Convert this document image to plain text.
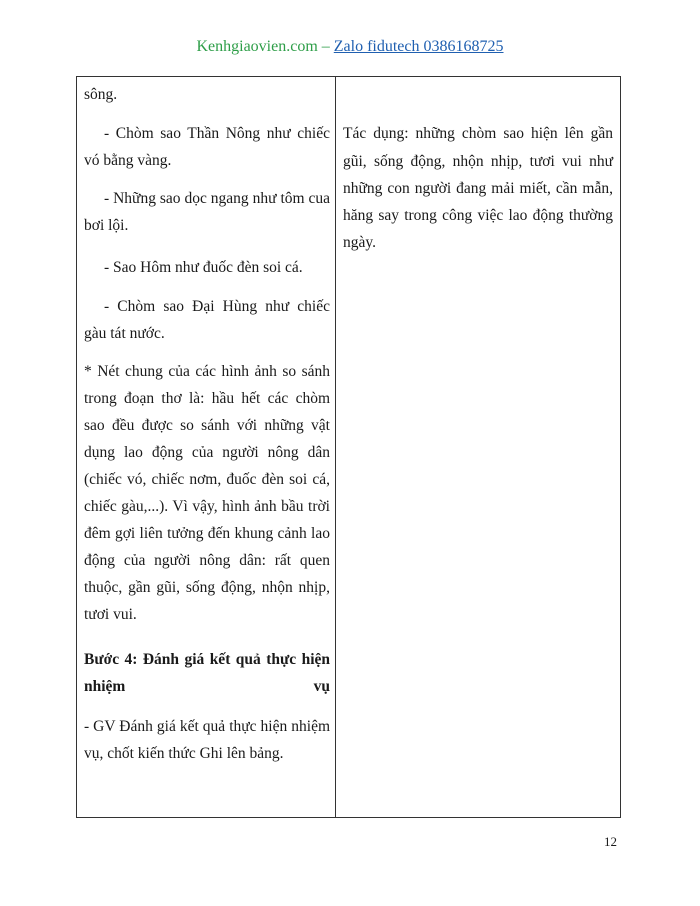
Kenhgiaovien.com – Zalo fidutech 0386168725
sông.
- Chòm sao Thần Nông như chiếc vó bằng vàng.
- Những sao dọc ngang như tôm cua bơi lội.
- Sao Hôm như đuốc đèn soi cá.
- Chòm sao Đại Hùng như chiếc gàu tát nước.
* Nét chung của các hình ảnh so sánh trong đoạn thơ là: hầu hết các chòm sao đều được so sánh với những vật dụng lao động của người nông dân (chiếc vó, chiếc nơm, đuốc đèn soi cá, chiếc gàu,...). Vì vậy, hình ảnh bầu trời đêm gợi liên tưởng đến khung cảnh lao động của người nông dân: rất quen thuộc, gần gũi, sống động, nhộn nhịp, tươi vui.
Bước 4: Đánh giá kết quả thực hiện nhiệm vụ
- GV Đánh giá kết quả thực hiện nhiệm vụ, chốt kiến thức Ghi lên bảng.
Tác dụng: những chòm sao hiện lên gần gũi, sống động, nhộn nhịp, tươi vui như những con người đang mải miết, cần mẫn, hăng say trong công việc lao động thường ngày.
12
